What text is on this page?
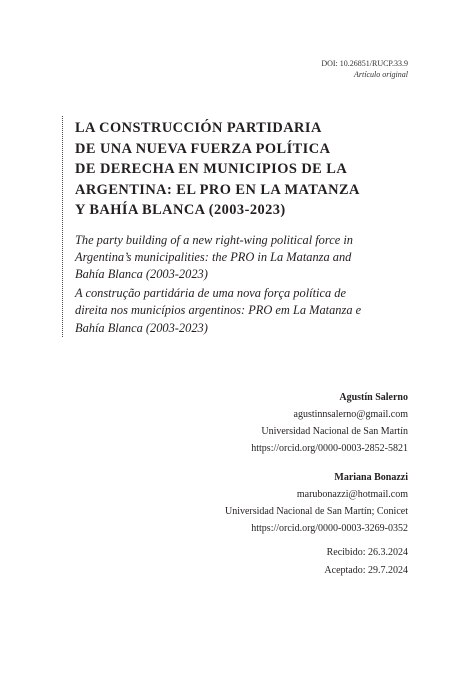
DOI: 10.26851/RUCP.33.9
Artículo original
LA CONSTRUCCIÓN PARTIDARIA
DE UNA NUEVA FUERZA POLÍTICA
DE DERECHA EN MUNICIPIOS DE LA
ARGENTINA: EL PRO EN LA MATANZA
Y BAHÍA BLANCA (2003-2023)

The party building of a new right-wing political force in
Argentina’s municipalities: the PRO in La Matanza and
Bahía Blanca (2003-2023)

A construção partidária de uma nova força política de
direita nos municípios argentinos: PRO em La Matanza e
Bahía Blanca (2003-2023)

Agustín Salerno
agustinnsalerno@gmail.com
Universidad Nacional de San Martín
https://orcid.org/0000-0003-2852-5821
Mariana Bonazzi
marubonazzi@hotmail.com
Universidad Nacional de San Martín; Conicet
https://orcid.org/0000-0003-3269-0352
Recibido: 26.3.2024
Aceptado: 29.7.2024
